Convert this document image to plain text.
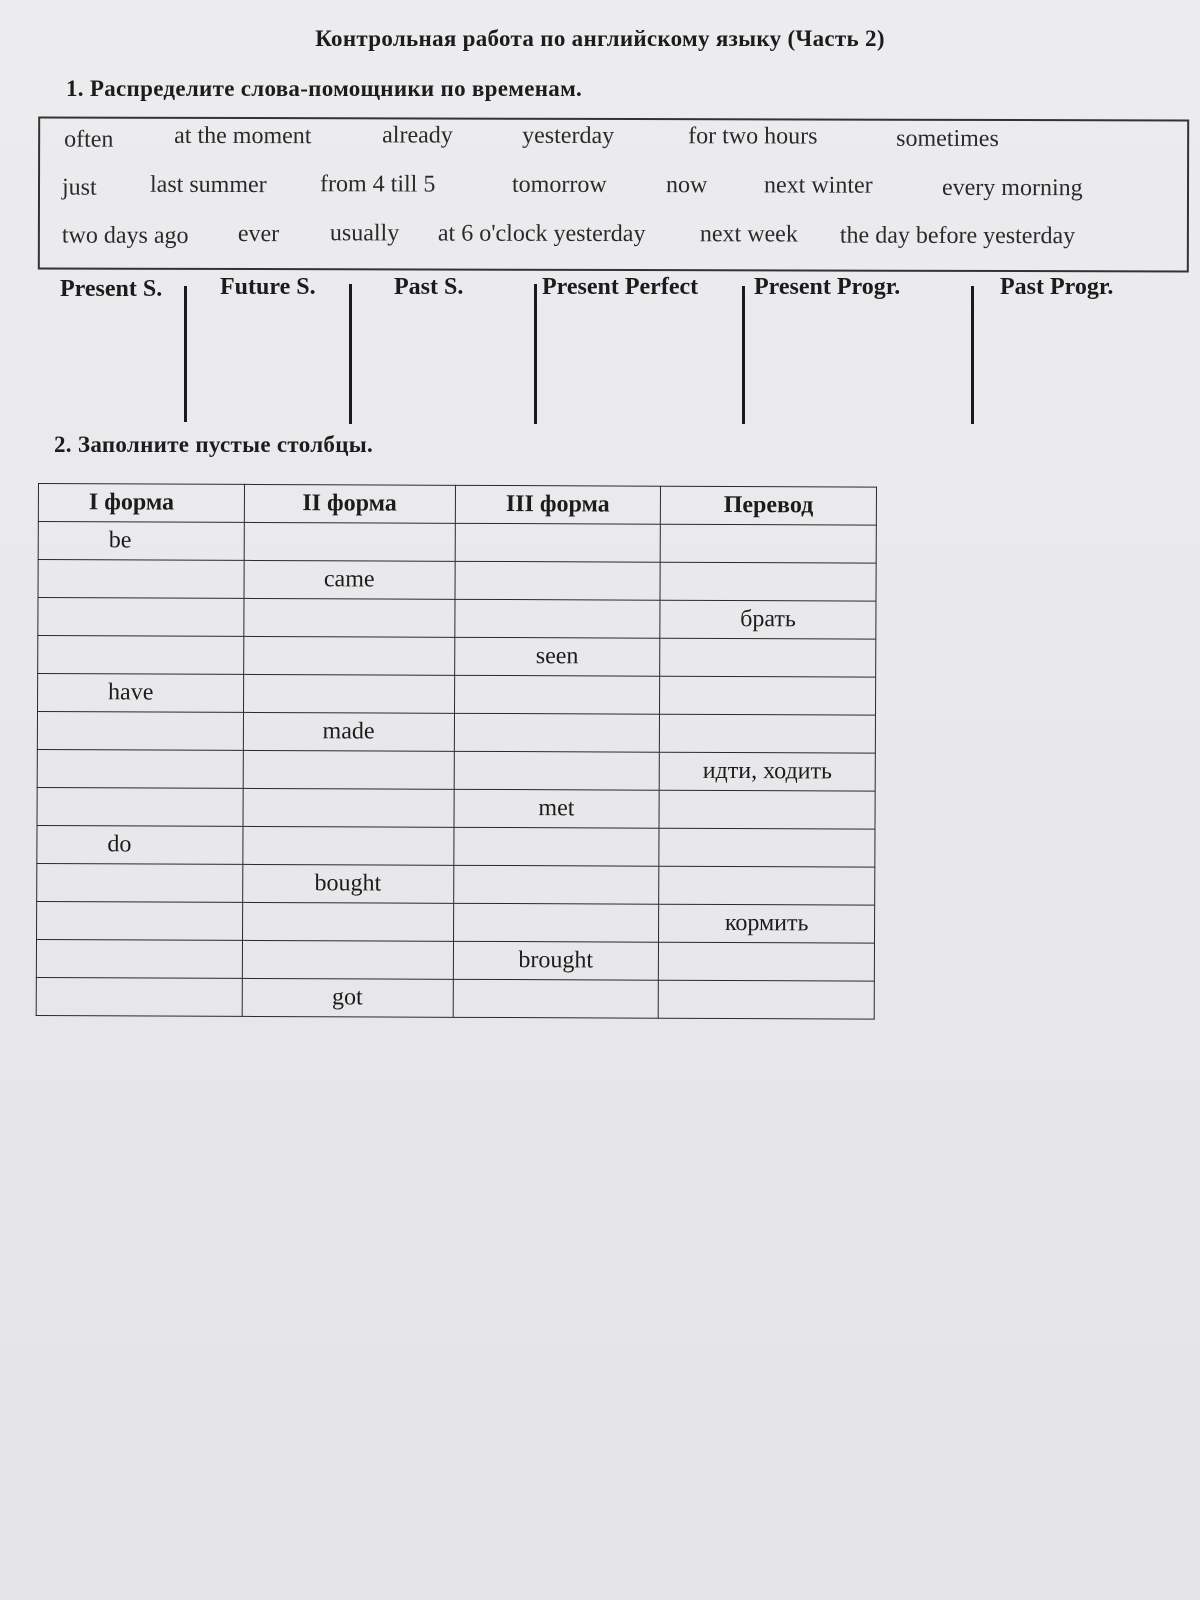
Контрольная работа по английскому языку (Часть 2)
1. Распределите слова-помощники по временам.
often	at the moment	already	yesterday	for two hours	sometimes
just last summer from 4 till 5	tomorrow now next winter	every morning
two days ago ever usually at 6 o'clock yesterday next week the day before yesterday
Present S. Future S.	Past S.	Present Perfect Present Progr.	Past Progr.
2. Заполните пустые столбцы.
I форма	II форма	III форма	Перевод
be			
	came		
			брать
		seen	
have			
	made		
			идти, ходить
		met	
do			
	bought		
			кормить
		brought	
	got		
